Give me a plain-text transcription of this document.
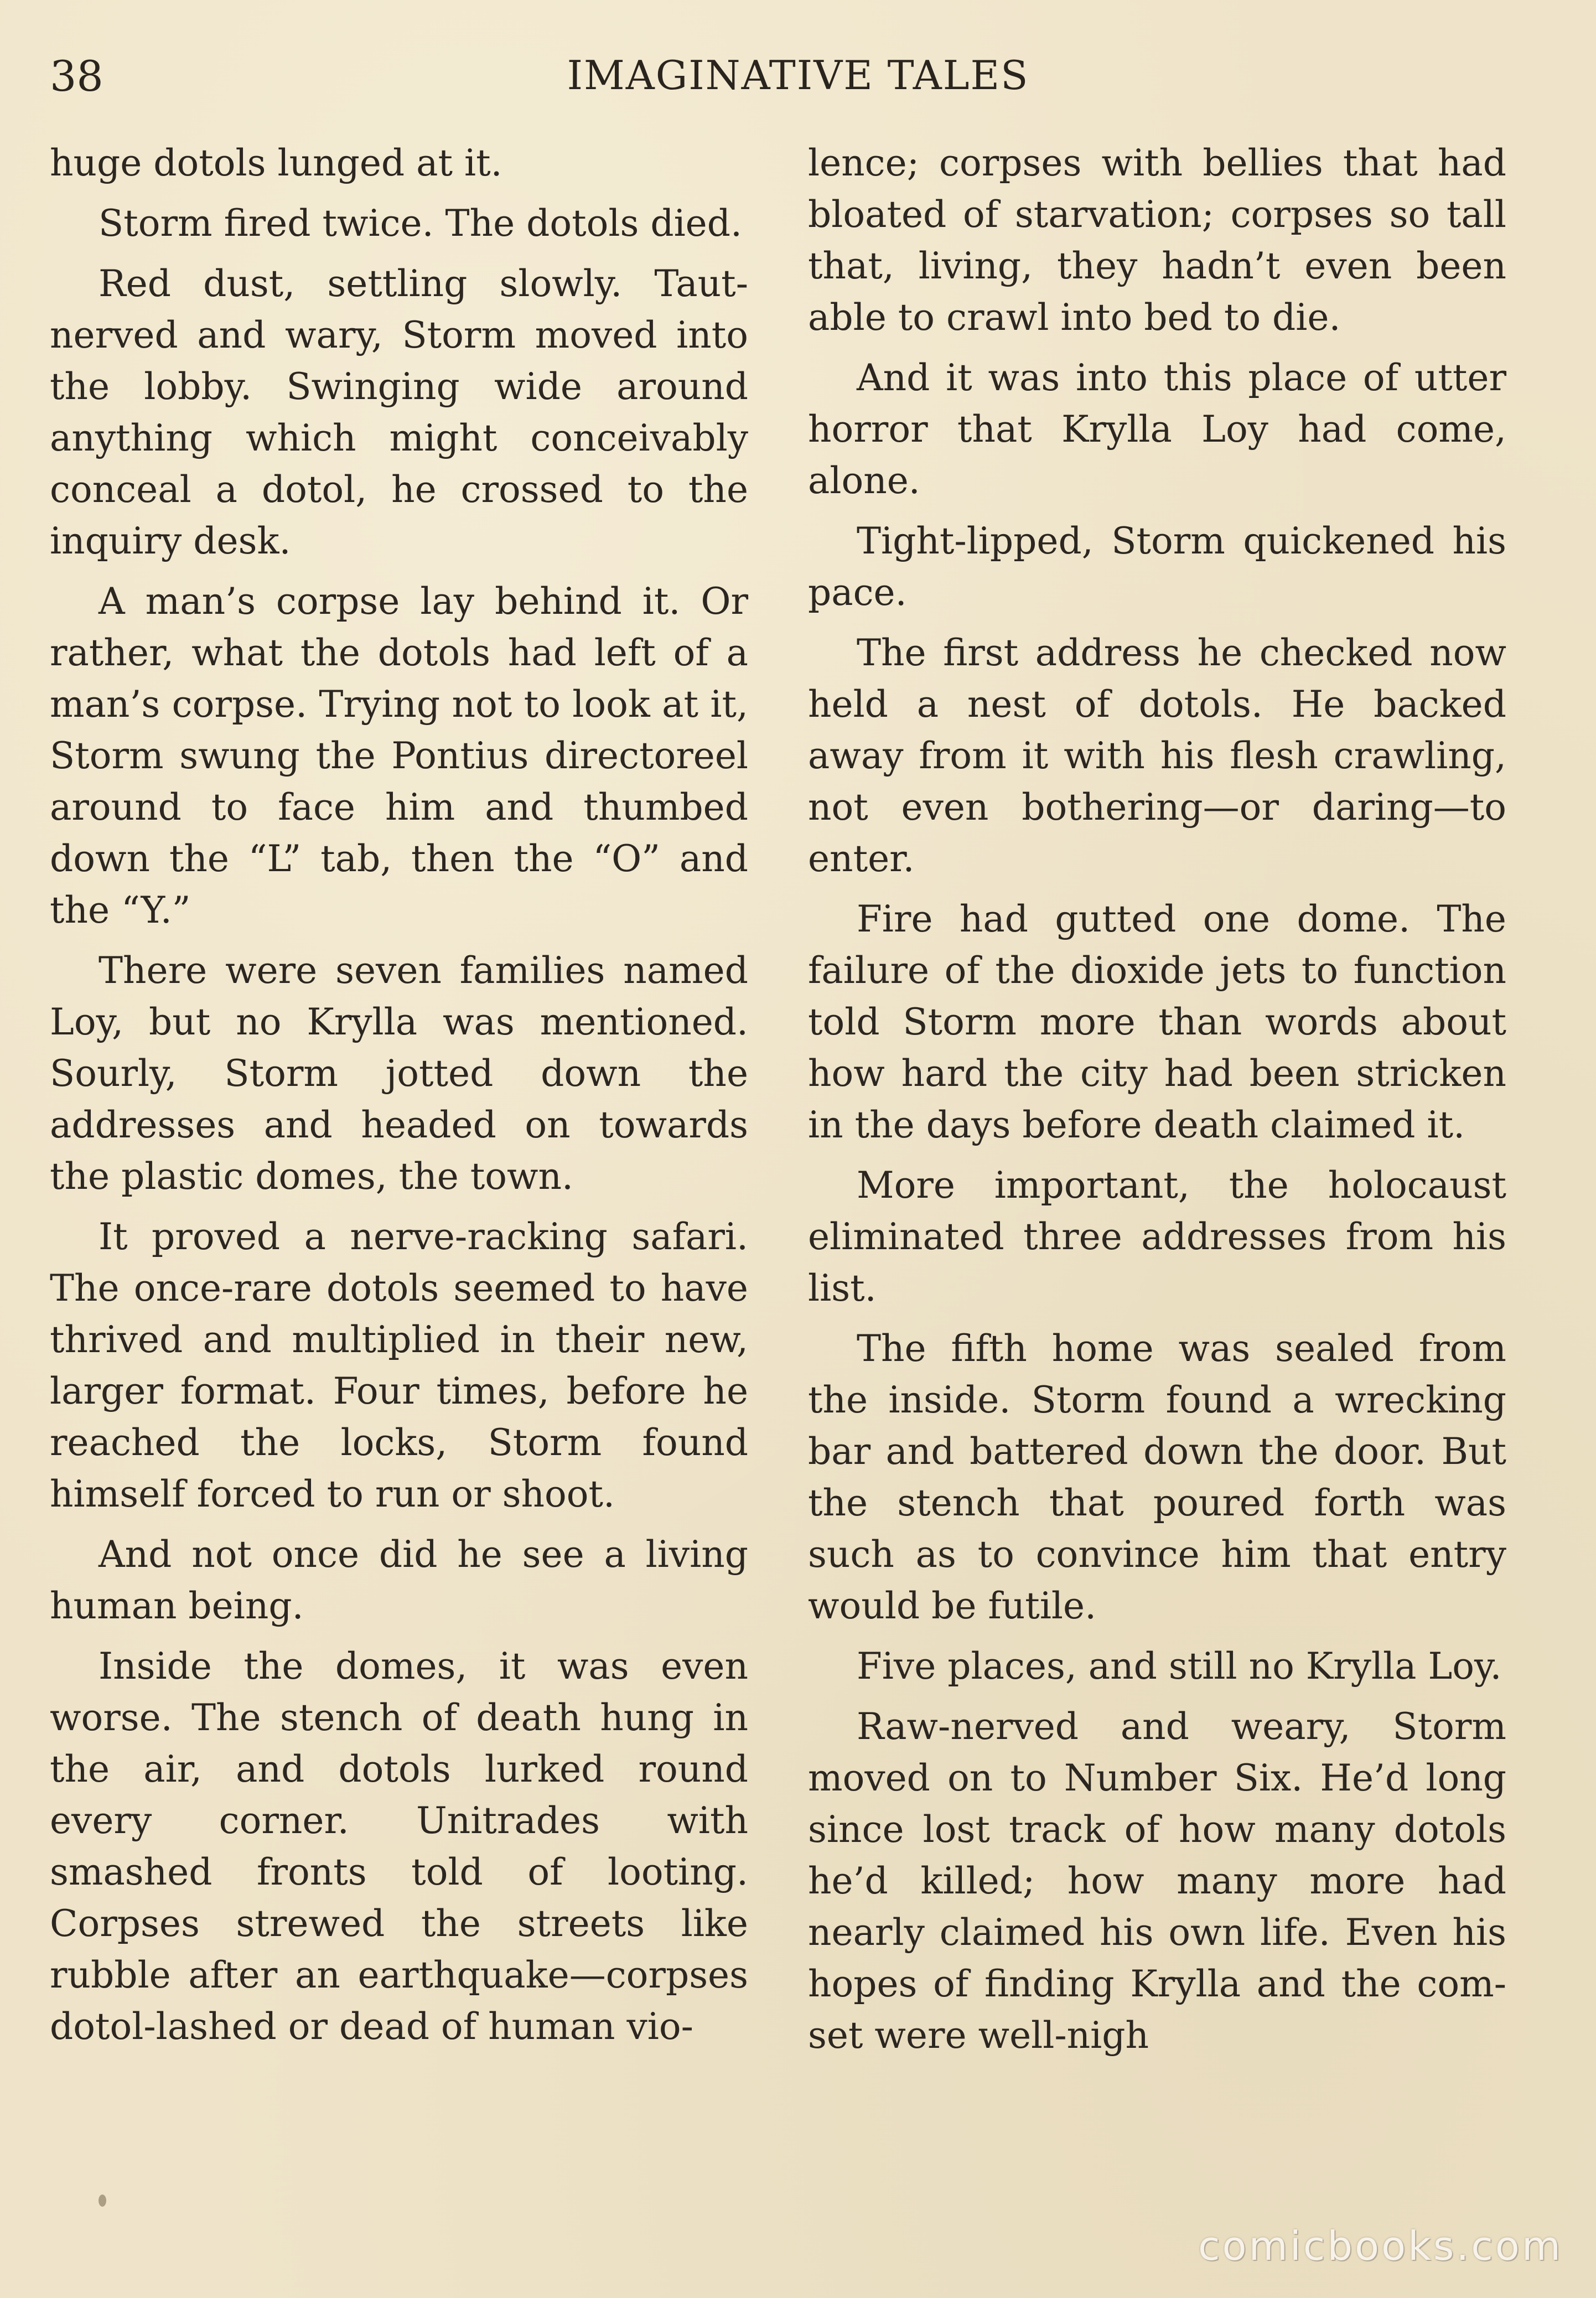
38	IMAGINATIVE TALES

huge dotols lunged at it.

Storm fired twice. The dotols died.

Red dust, settling slowly. Taut-nerved and wary, Storm moved into the lobby. Swinging wide around anything which might conceivably conceal a dotol, he crossed to the inquiry desk.

A man’s corpse lay behind it. Or rather, what the dotols had left of a man’s corpse. Trying not to look at it, Storm swung the Pontius directoreel around to face him and thumbed down the “L” tab, then the “O” and the “Y.”

There were seven families named Loy, but no Krylla was mentioned. Sourly, Storm jotted down the addresses and headed on towards the plastic domes, the town.

It proved a nerve-racking safari. The once-rare dotols seemed to have thrived and multiplied in their new, larger format. Four times, before he reached the locks, Storm found himself forced to run or shoot.

And not once did he see a living human being.

Inside the domes, it was even worse. The stench of death hung in the air, and dotols lurked round every corner. Unitrades with smashed fronts told of looting. Corpses strewed the streets like rubble after an earthquake—corpses dotol-lashed or dead of human vio-

lence; corpses with bellies that had bloated of starvation; corpses so tall that, living, they hadn’t even been able to crawl into bed to die.

And it was into this place of utter horror that Krylla Loy had come, alone.

Tight-lipped, Storm quickened his pace.

The first address he checked now held a nest of dotols. He backed away from it with his flesh crawling, not even bothering—or daring—to enter.

Fire had gutted one dome. The failure of the dioxide jets to function told Storm more than words about how hard the city had been stricken in the days before death claimed it.

More important, the holocaust eliminated three addresses from his list.

The fifth home was sealed from the inside. Storm found a wrecking bar and battered down the door. But the stench that poured forth was such as to convince him that entry would be futile.

Five places, and still no Krylla Loy.

Raw-nerved and weary, Storm moved on to Number Six. He’d long since lost track of how many dotols he’d killed; how many more had nearly claimed his own life. Even his hopes of finding Krylla and the com-set were well-nigh

comicbooks.com
